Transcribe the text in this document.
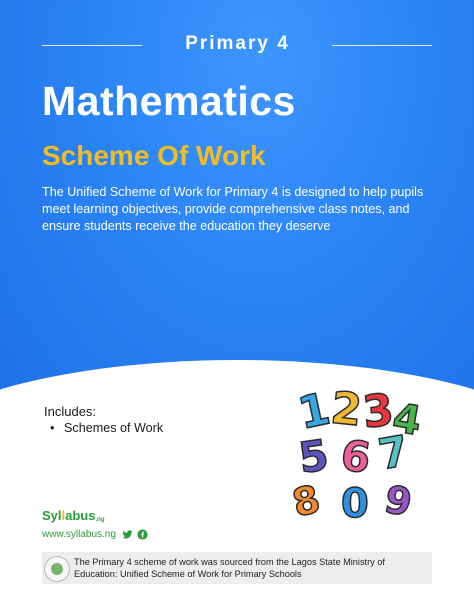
Primary 4
Mathematics
Scheme Of Work
The Unified Scheme of Work for Primary 4 is designed to help pupils meet learning objectives, provide comprehensive class notes, and ensure students receive the education they deserve
Includes:
• Schemes of Work	1
2
3
4
5 6 7
8 0 9
Syllabus.ng
www.syllabus.ng
The Primary 4 scheme of work was sourced from the Lagos State Ministry of Education: Unified Scheme of Work for Primary Schools
